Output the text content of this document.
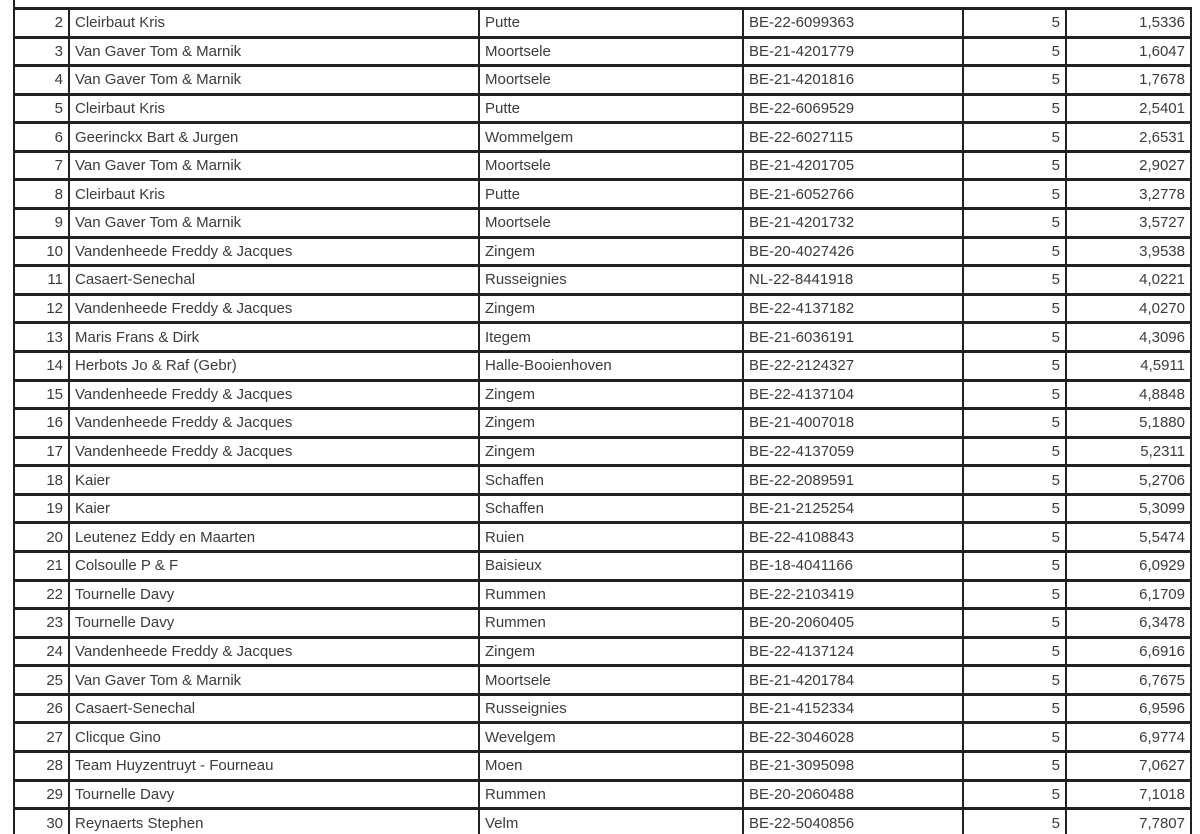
2	Cleirbaut Kris	Putte	BE-22-6099363	5	1,5336
3	Van Gaver Tom & Marnik	Moortsele	BE-21-4201779	5	1,6047
4	Van Gaver Tom & Marnik	Moortsele	BE-21-4201816	5	1,7678
5	Cleirbaut Kris	Putte	BE-22-6069529	5	2,5401
6	Geerinckx Bart & Jurgen	Wommelgem	BE-22-6027115	5	2,6531
7	Van Gaver Tom & Marnik	Moortsele	BE-21-4201705	5	2,9027
8	Cleirbaut Kris	Putte	BE-21-6052766	5	3,2778
9	Van Gaver Tom & Marnik	Moortsele	BE-21-4201732	5	3,5727
10	Vandenheede Freddy & Jacques	Zingem	BE-20-4027426	5	3,9538
11	Casaert-Senechal	Russeignies	NL-22-8441918	5	4,0221
12	Vandenheede Freddy & Jacques	Zingem	BE-22-4137182	5	4,0270
13	Maris Frans & Dirk	Itegem	BE-21-6036191	5	4,3096
14	Herbots Jo & Raf (Gebr)	Halle-Booienhoven	BE-22-2124327	5	4,5911
15	Vandenheede Freddy & Jacques	Zingem	BE-22-4137104	5	4,8848
16	Vandenheede Freddy & Jacques	Zingem	BE-21-4007018	5	5,1880
17	Vandenheede Freddy & Jacques	Zingem	BE-22-4137059	5	5,2311
18	Kaier	Schaffen	BE-22-2089591	5	5,2706
19	Kaier	Schaffen	BE-21-2125254	5	5,3099
20	Leutenez Eddy en Maarten	Ruien	BE-22-4108843	5	5,5474
21	Colsoulle P & F	Baisieux	BE-18-4041166	5	6,0929
22	Tournelle Davy	Rummen	BE-22-2103419	5	6,1709
23	Tournelle Davy	Rummen	BE-20-2060405	5	6,3478
24	Vandenheede Freddy & Jacques	Zingem	BE-22-4137124	5	6,6916
25	Van Gaver Tom & Marnik	Moortsele	BE-21-4201784	5	6,7675
26	Casaert-Senechal	Russeignies	BE-21-4152334	5	6,9596
27	Clicque Gino	Wevelgem	BE-22-3046028	5	6,9774
28	Team Huyzentruyt - Fourneau	Moen	BE-21-3095098	5	7,0627
29	Tournelle Davy	Rummen	BE-20-2060488	5	7,1018
30	Reynaerts Stephen	Velm	BE-22-5040856	5	7,7807
